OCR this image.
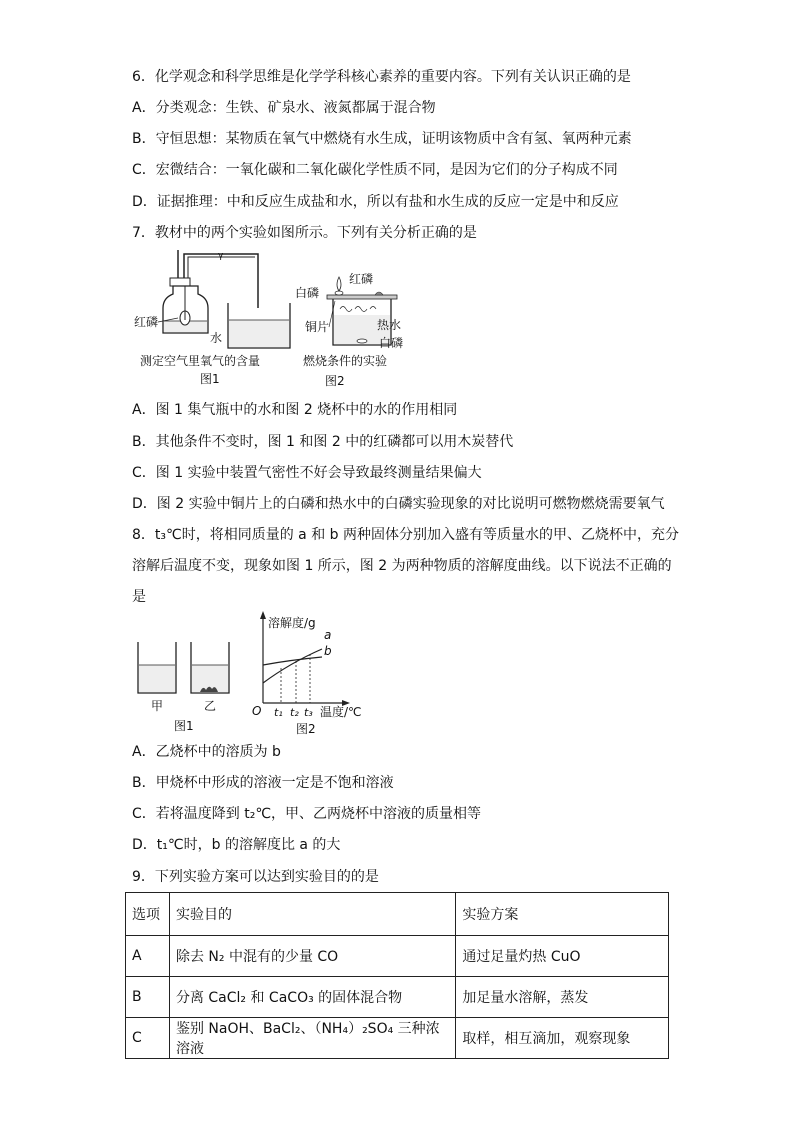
6．化学观念和科学思维是化学学科核心素养的重要内容。下列有关认识正确的是
A．分类观念：生铁、矿泉水、液氮都属于混合物
B．守恒思想：某物质在氧气中燃烧有水生成，证明该物质中含有氢、氧两种元素
C．宏微结合：一氧化碳和二氧化碳化学性质不同，是因为它们的分子构成不同
D．证据推理：中和反应生成盐和水，所以有盐和水生成的反应一定是中和反应
7．教材中的两个实验如图所示。下列有关分析正确的是
γ
红磷
水
测定空气里氧气的含量
图1
红磷
白磷
铜片	热水
白磷
燃烧条件的实验
图2
A．图 1 集气瓶中的水和图 2 烧杯中的水的作用相同
B．其他条件不变时，图 1 和图 2 中的红磷都可以用木炭替代
C．图 1 实验中装置气密性不好会导致最终测量结果偏大
D．图 2 实验中铜片上的白磷和热水中的白磷实验现象的对比说明可燃物燃烧需要氧气
8．t₃℃时，将相同质量的 a 和 b 两种固体分别加入盛有等质量水的甲、乙烧杯中，充分
溶解后温度不变，现象如图 1 所示，图 2 为两种物质的溶解度曲线。以下说法不正确的
是
甲	乙
图1
溶解度/g
a
b
O t₁ t₂ t₃ 温度/℃
图2
A．乙烧杯中的溶质为 b
B．甲烧杯中形成的溶液一定是不饱和溶液
C．若将温度降到 t₂℃，甲、乙两烧杯中溶液的质量相等
D．t₁℃时，b 的溶解度比 a 的大
9．下列实验方案可以达到实验目的的是
选项	实验目的	实验方案
A	除去 N₂ 中混有的少量 CO	通过足量灼热 CuO
B	分离 CaCl₂ 和 CaCO₃ 的固体混合物	加足量水溶解，蒸发
C	鉴别 NaOH、BaCl₂、（NH₄）₂SO₄ 三种浓溶液	取样，相互滴加，观察现象
